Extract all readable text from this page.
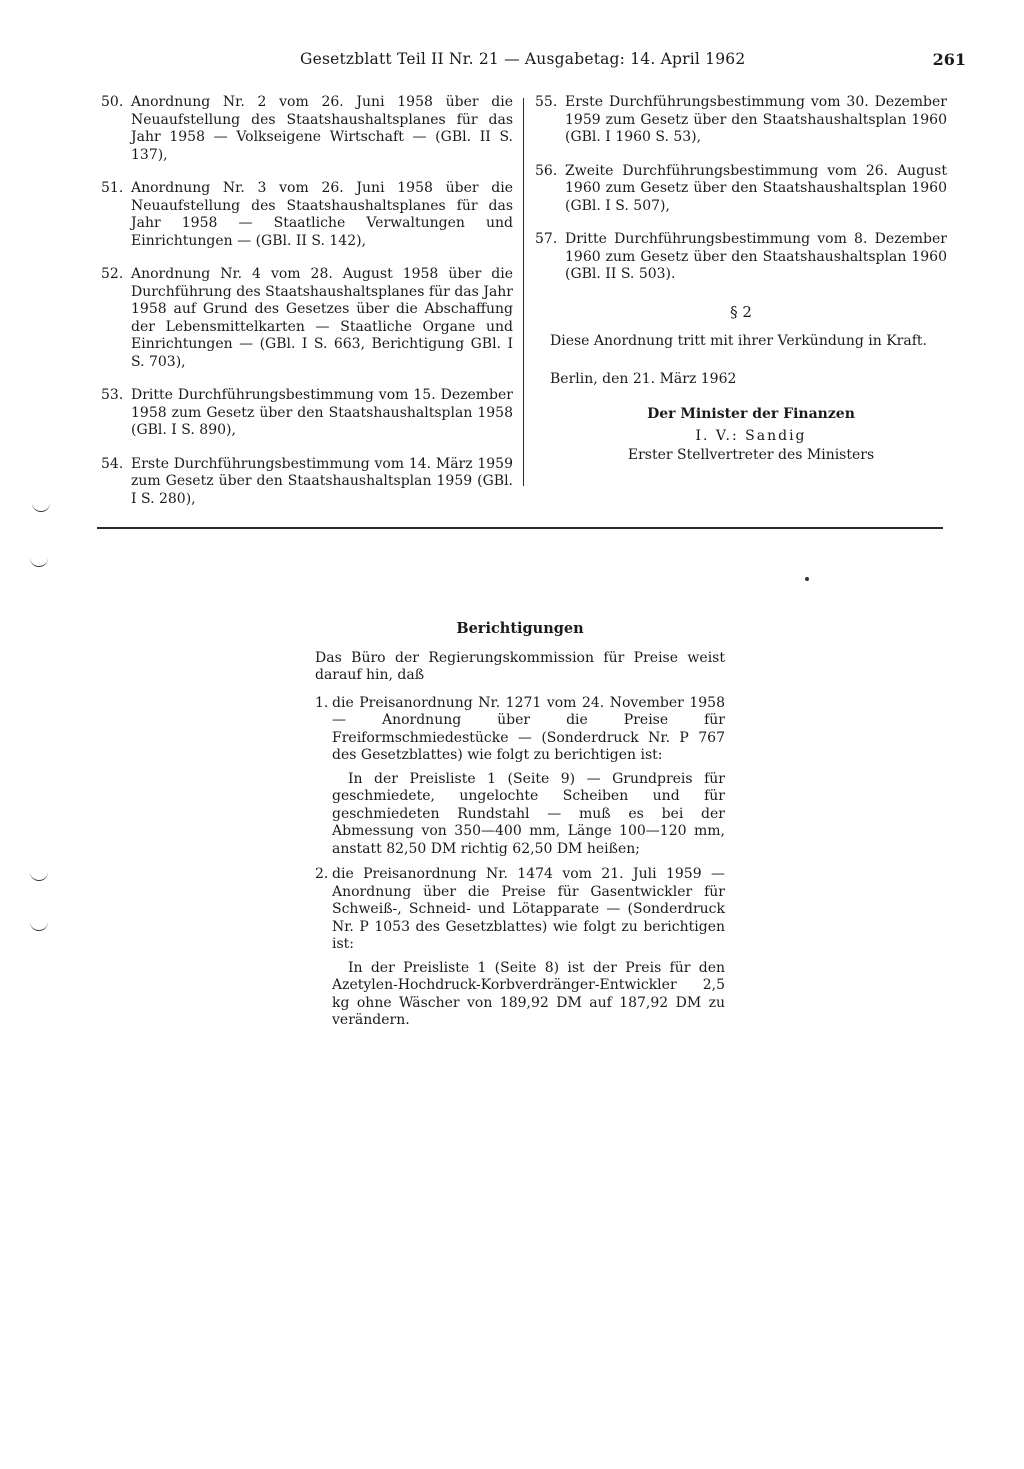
Gesetzblatt Teil II Nr. 21 — Ausgabetag: 14. April 1962	261
50. Anordnung Nr. 2 vom 26. Juni 1958 über die Neuaufstellung des Staatshaushaltsplanes für das Jahr 1958 — Volkseigene Wirtschaft — (GBl. II S. 137),
51. Anordnung Nr. 3 vom 26. Juni 1958 über die Neuaufstellung des Staatshaushaltsplanes für das Jahr 1958 — Staatliche Verwaltungen und Einrichtungen — (GBl. II S. 142),
52. Anordnung Nr. 4 vom 28. August 1958 über die Durchführung des Staatshaushaltsplanes für das Jahr 1958 auf Grund des Gesetzes über die Abschaffung der Lebensmittelkarten — Staatliche Organe und Einrichtungen — (GBl. I S. 663, Berichtigung GBl. I S. 703),
53. Dritte Durchführungsbestimmung vom 15. Dezember 1958 zum Gesetz über den Staatshaushaltsplan 1958 (GBl. I S. 890),
54. Erste Durchführungsbestimmung vom 14. März 1959 zum Gesetz über den Staatshaushaltsplan 1959 (GBl. I S. 280),
55. Erste Durchführungsbestimmung vom 30. Dezember 1959 zum Gesetz über den Staatshaushaltsplan 1960 (GBl. I 1960 S. 53),
56. Zweite Durchführungsbestimmung vom 26. August 1960 zum Gesetz über den Staatshaushaltsplan 1960 (GBl. I S. 507),
57. Dritte Durchführungsbestimmung vom 8. Dezember 1960 zum Gesetz über den Staatshaushaltsplan 1960 (GBl. II S. 503).
§ 2

Diese Anordnung tritt mit ihrer Verkündung in Kraft.

Berlin, den 21. März 1962

Der Minister der Finanzen
I. V.: Sandig
Erster Stellvertreter des Ministers
Berichtigungen

Das Büro der Regierungskommission für Preise weist darauf hin, daß

1. die Preisanordnung Nr. 1271 vom 24. November 1958 — Anordnung über die Preise für Freiformschmiedestücke — (Sonderdruck Nr. P 767 des Gesetzblattes) wie folgt zu berichtigen ist:

In der Preisliste 1 (Seite 9) — Grundpreis für geschmiedete, ungelochte Scheiben und für geschmiedeten Rundstahl — muß es bei der Abmessung von 350—400 mm, Länge 100—120 mm, anstatt 82,50 DM richtig 62,50 DM heißen;

2. die Preisanordnung Nr. 1474 vom 21. Juli 1959 — Anordnung über die Preise für Gasentwickler für Schweiß-, Schneid- und Lötapparate — (Sonderdruck Nr. P 1053 des Gesetzblattes) wie folgt zu berichtigen ist:

In der Preisliste 1 (Seite 8) ist der Preis für den Azetylen-Hochdruck-Korbverdränger-Entwickler 2,5 kg ohne Wäscher von 189,92 DM auf 187,92 DM zu verändern.
